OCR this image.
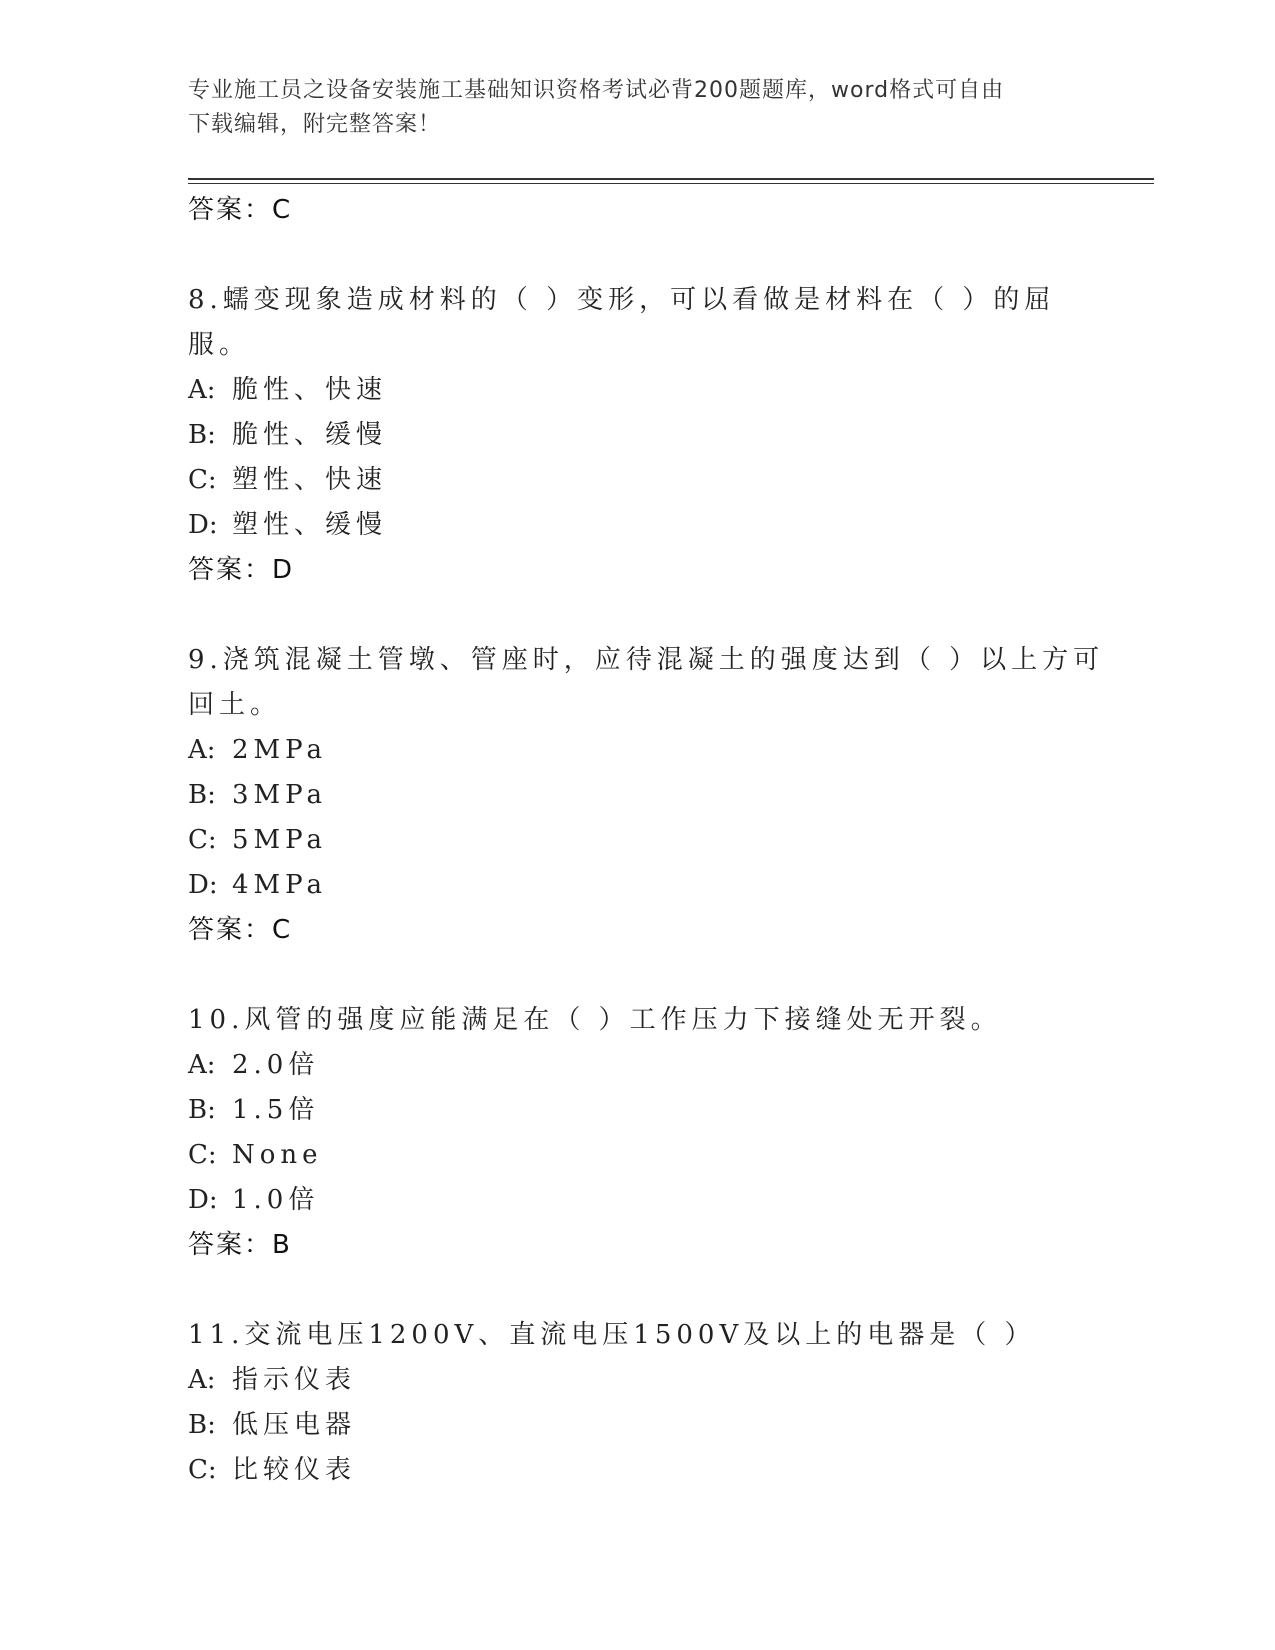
专业施工员之设备安装施工基础知识资格考试必背200题题库，word格式可自由
下载编辑，附完整答案！
答案：C
8.蠕变现象造成材料的（ ）变形，可以看做是材料在（ ）的屈服。
A: 脆性、快速
B: 脆性、缓慢
C: 塑性、快速
D: 塑性、缓慢
答案：D
9.浇筑混凝土管墩、管座时，应待混凝土的强度达到（ ）以上方可回土。
A: 2MPa
B: 3MPa
C: 5MPa
D: 4MPa
答案：C
10.风管的强度应能满足在（ ）工作压力下接缝处无开裂。
A: 2.0倍
B: 1.5倍
C: None
D: 1.0倍
答案：B
11.交流电压1200V、直流电压1500V及以上的电器是（ ）
A: 指示仪表
B: 低压电器
C: 比较仪表
